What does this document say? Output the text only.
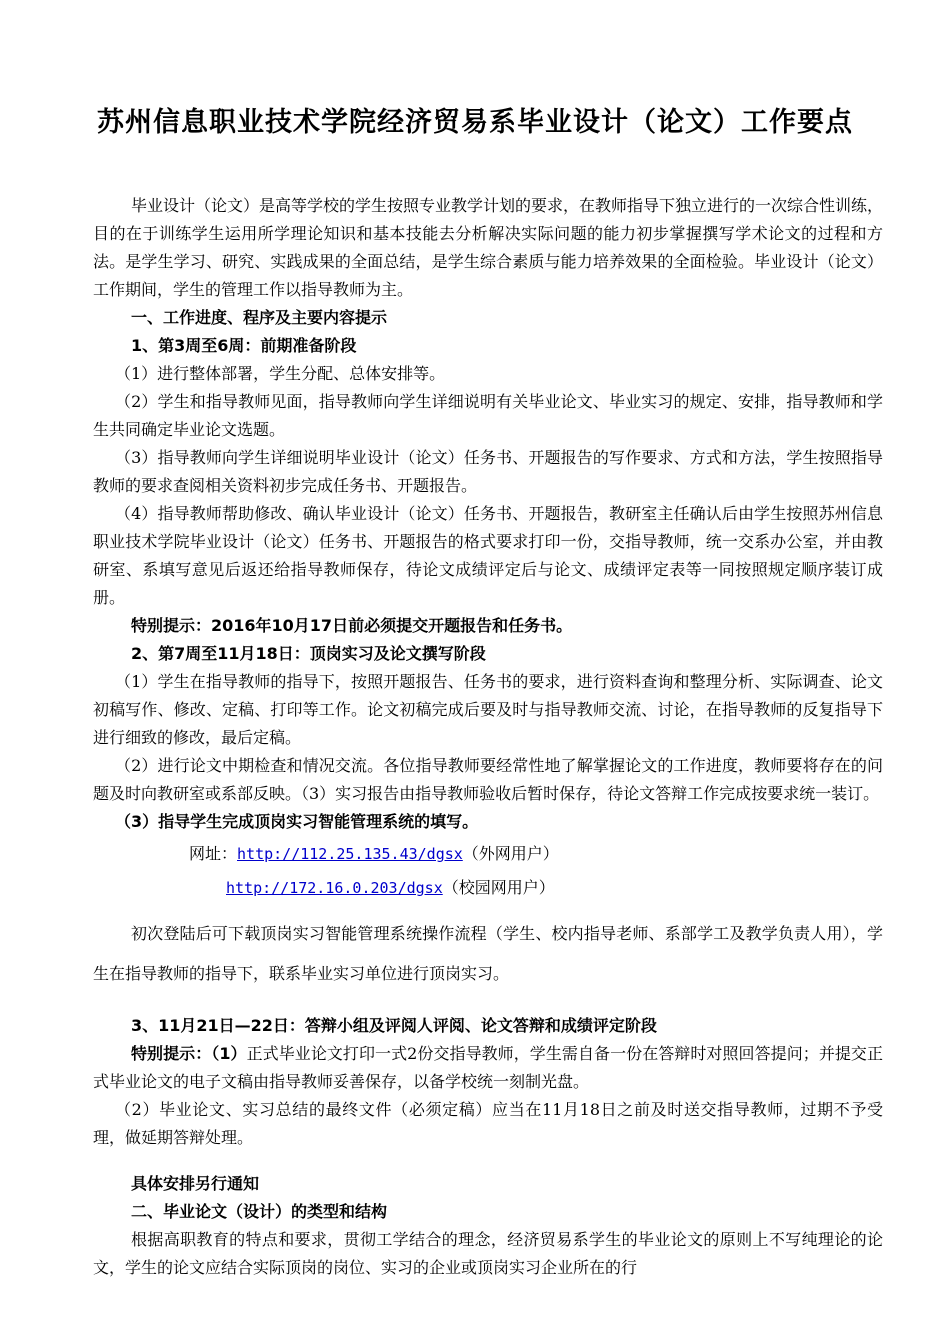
苏州信息职业技术学院经济贸易系毕业设计（论文）工作要点

毕业设计（论文）是高等学校的学生按照专业教学计划的要求，在教师指导下独立进行的一次综合性训练，目的在于训练学生运用所学理论知识和基本技能去分析解决实际问题的能力初步掌握撰写学术论文的过程和方法。是学生学习、研究、实践成果的全面总结，是学生综合素质与能力培养效果的全面检验。毕业设计（论文）工作期间，学生的管理工作以指导教师为主。

一、工作进度、程序及主要内容提示

1、第3周至6周：前期准备阶段

（1）进行整体部署，学生分配、总体安排等。

（2）学生和指导教师见面，指导教师向学生详细说明有关毕业论文、毕业实习的规定、安排，指导教师和学生共同确定毕业论文选题。

（3）指导教师向学生详细说明毕业设计（论文）任务书、开题报告的写作要求、方式和方法，学生按照指导教师的要求查阅相关资料初步完成任务书、开题报告。

（4）指导教师帮助修改、确认毕业设计（论文）任务书、开题报告，教研室主任确认后由学生按照苏州信息职业技术学院毕业设计（论文）任务书、开题报告的格式要求打印一份，交指导教师，统一交系办公室，并由教研室、系填写意见后返还给指导教师保存，待论文成绩评定后与论文、成绩评定表等一同按照规定顺序装订成册。

特别提示：2016年10月17日前必须提交开题报告和任务书。

2、第7周至11月18日：顶岗实习及论文撰写阶段

（1）学生在指导教师的指导下，按照开题报告、任务书的要求，进行资料查询和整理分析、实际调查、论文初稿写作、修改、定稿、打印等工作。论文初稿完成后要及时与指导教师交流、讨论，在指导教师的反复指导下进行细致的修改，最后定稿。

（2）进行论文中期检查和情况交流。各位指导教师要经常性地了解掌握论文的工作进度，教师要将存在的问题及时向教研室或系部反映。（3）实习报告由指导教师验收后暂时保存，待论文答辩工作完成按要求统一装订。

（3）指导学生完成顶岗实习智能管理系统的填写。

网址：http://112.25.135.43/dgsx（外网用户）

http://172.16.0.203/dgsx（校园网用户）

初次登陆后可下载顶岗实习智能管理系统操作流程（学生、校内指导老师、系部学工及教学负责人用），学生在指导教师的指导下，联系毕业实习单位进行顶岗实习。

3、11月21日—22日：答辩小组及评阅人评阅、论文答辩和成绩评定阶段

特别提示：（1）正式毕业论文打印一式2份交指导教师，学生需自备一份在答辩时对照回答提问；并提交正式毕业论文的电子文稿由指导教师妥善保存，以备学校统一刻制光盘。

（2）毕业论文、实习总结的最终文件（必须定稿）应当在11月18日之前及时送交指导教师，过期不予受理，做延期答辩处理。

具体安排另行通知

二、毕业论文（设计）的类型和结构

根据高职教育的特点和要求，贯彻工学结合的理念，经济贸易系学生的毕业论文的原则上不写纯理论的论文，学生的论文应结合实际顶岗的岗位、实习的企业或顶岗实习企业所在的行
